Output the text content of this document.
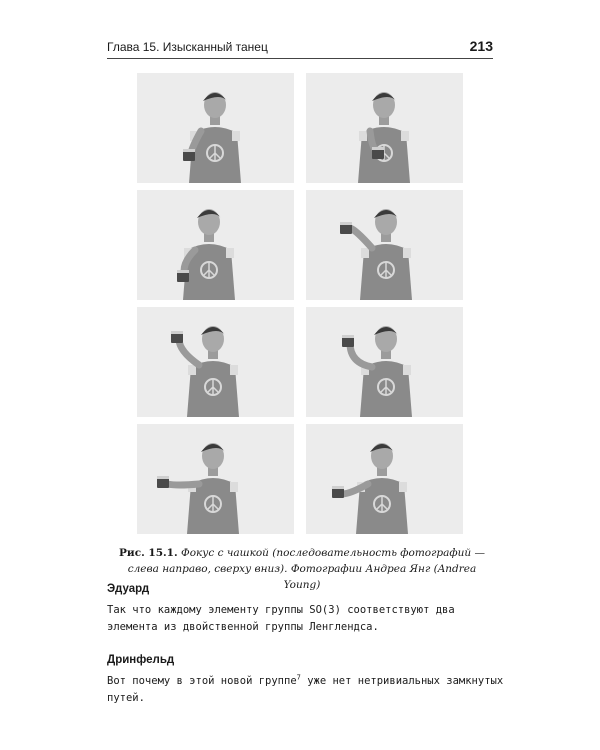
Глава 15. Изысканный танец	213
Рис. 15.1. Фокус с чашкой (последовательность фотографий — слева направо, сверху вниз). Фотографии Андреа Янг (Andrea Young)
Эдуард
Так что каждому элементу группы SO(3) соответствуют два
элемента из двойственной группы Ленглендса.
Дринфельд
Вот почему в этой новой группе$^7$ уже нет нетривиальных замкнутых
путей.
